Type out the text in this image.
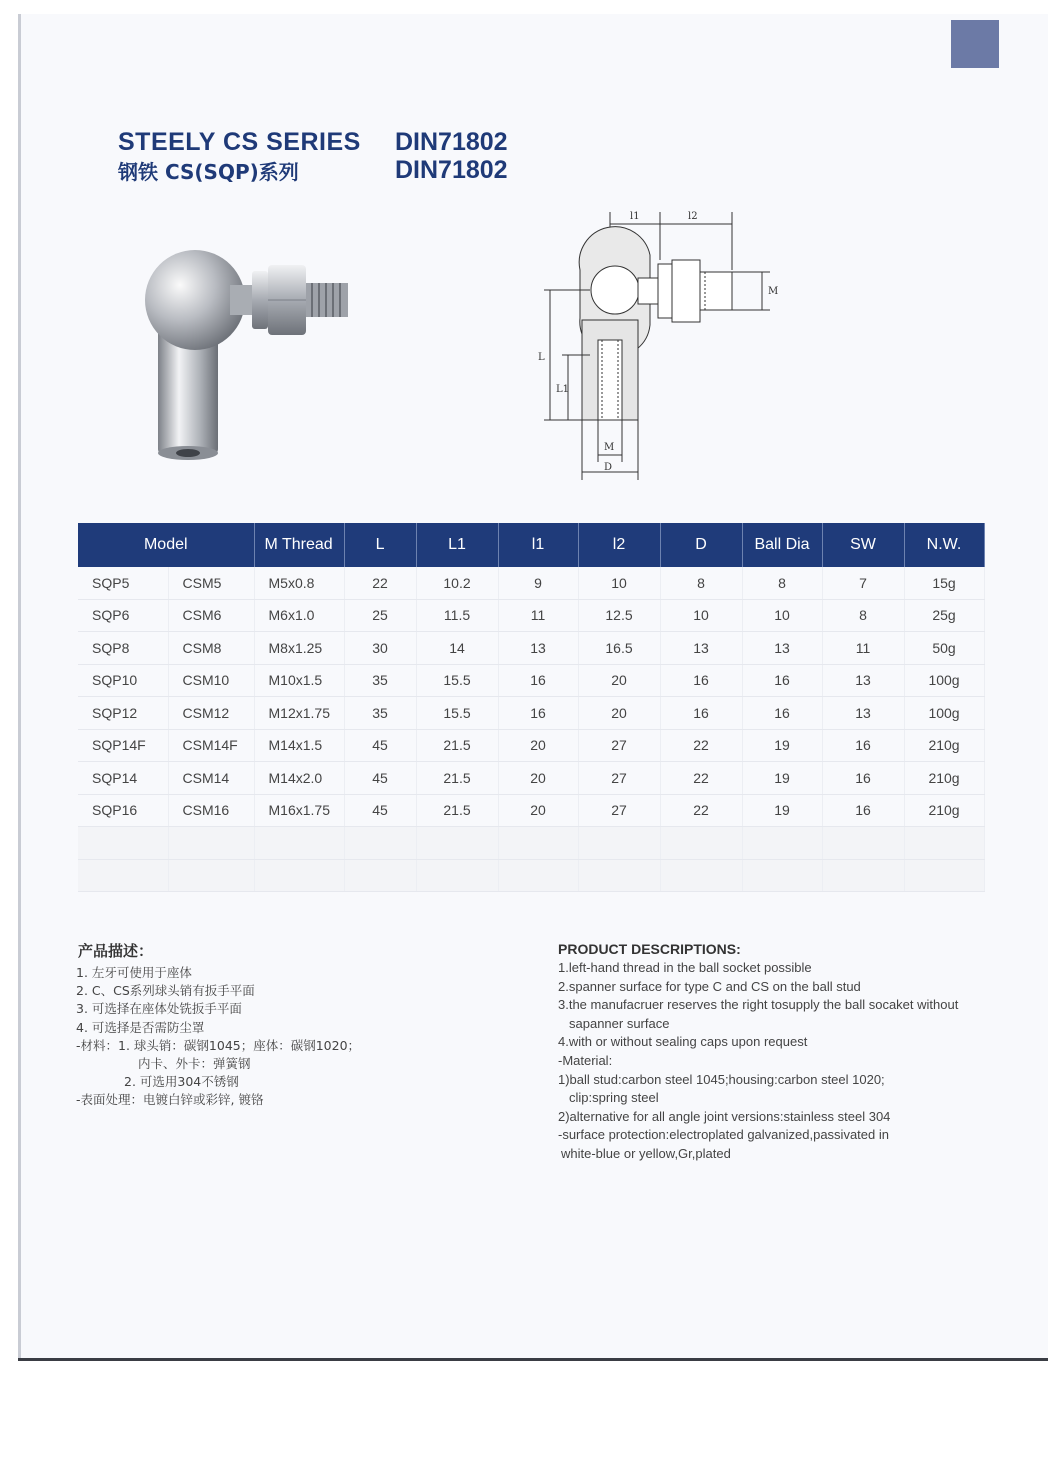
STEELY CS SERIES
钢铁 CS(SQP)系列
DIN71802
DIN71802
l1	l2
M
L
L1
M
D
Model		M Thread	L	L1	l1	l2	D	Ball Dia	SW	N.W.
SQP5	CSM5	M5x0.8	22	10.2	9	10	8	8	7	15g
SQP6	CSM6	M6x1.0	25	11.5	11	12.5	10	10	8	25g
SQP8	CSM8	M8x1.25	30	14	13	16.5	13	13	11	50g
SQP10	CSM10	M10x1.5	35	15.5	16	20	16	16	13	100g
SQP12	CSM12	M12x1.75	35	15.5	16	20	16	16	13	100g
SQP14F	CSM14F	M14x1.5	45	21.5	20	27	22	19	16	210g
SQP14	CSM14	M14x2.0	45	21.5	20	27	22	19	16	210g
SQP16	CSM16	M16x1.75	45	21.5	20	27	22	19	16	210g

产品描述：
1. 左牙可使用于座体
2. C、CS系列球头销有扳手平面
3. 可选择在座体处铣扳手平面
4. 可选择是否需防尘罩
-材料：1. 球头销：碳钢1045；座体：碳钢1020；
内卡、外卡：弹簧钢
2. 可选用304不锈钢
-表面处理：电镀白锌或彩锌, 镀铬
PRODUCT DESCRIPTIONS:
1.left-hand thread in the ball socket possible
2.spanner surface for type C and CS on the ball stud
3.the manufacruer reserves the right tosupply the ball socaket without
sapanner surface
4.with or without sealing caps upon request
-Material:
1)ball stud:carbon steel 1045;housing:carbon steel 1020;
clip:spring steel
2)alternative for all angle joint versions:stainless steel 304
-surface protection:electroplated galvanized,passivated in
white-blue or yellow,Gr,plated
